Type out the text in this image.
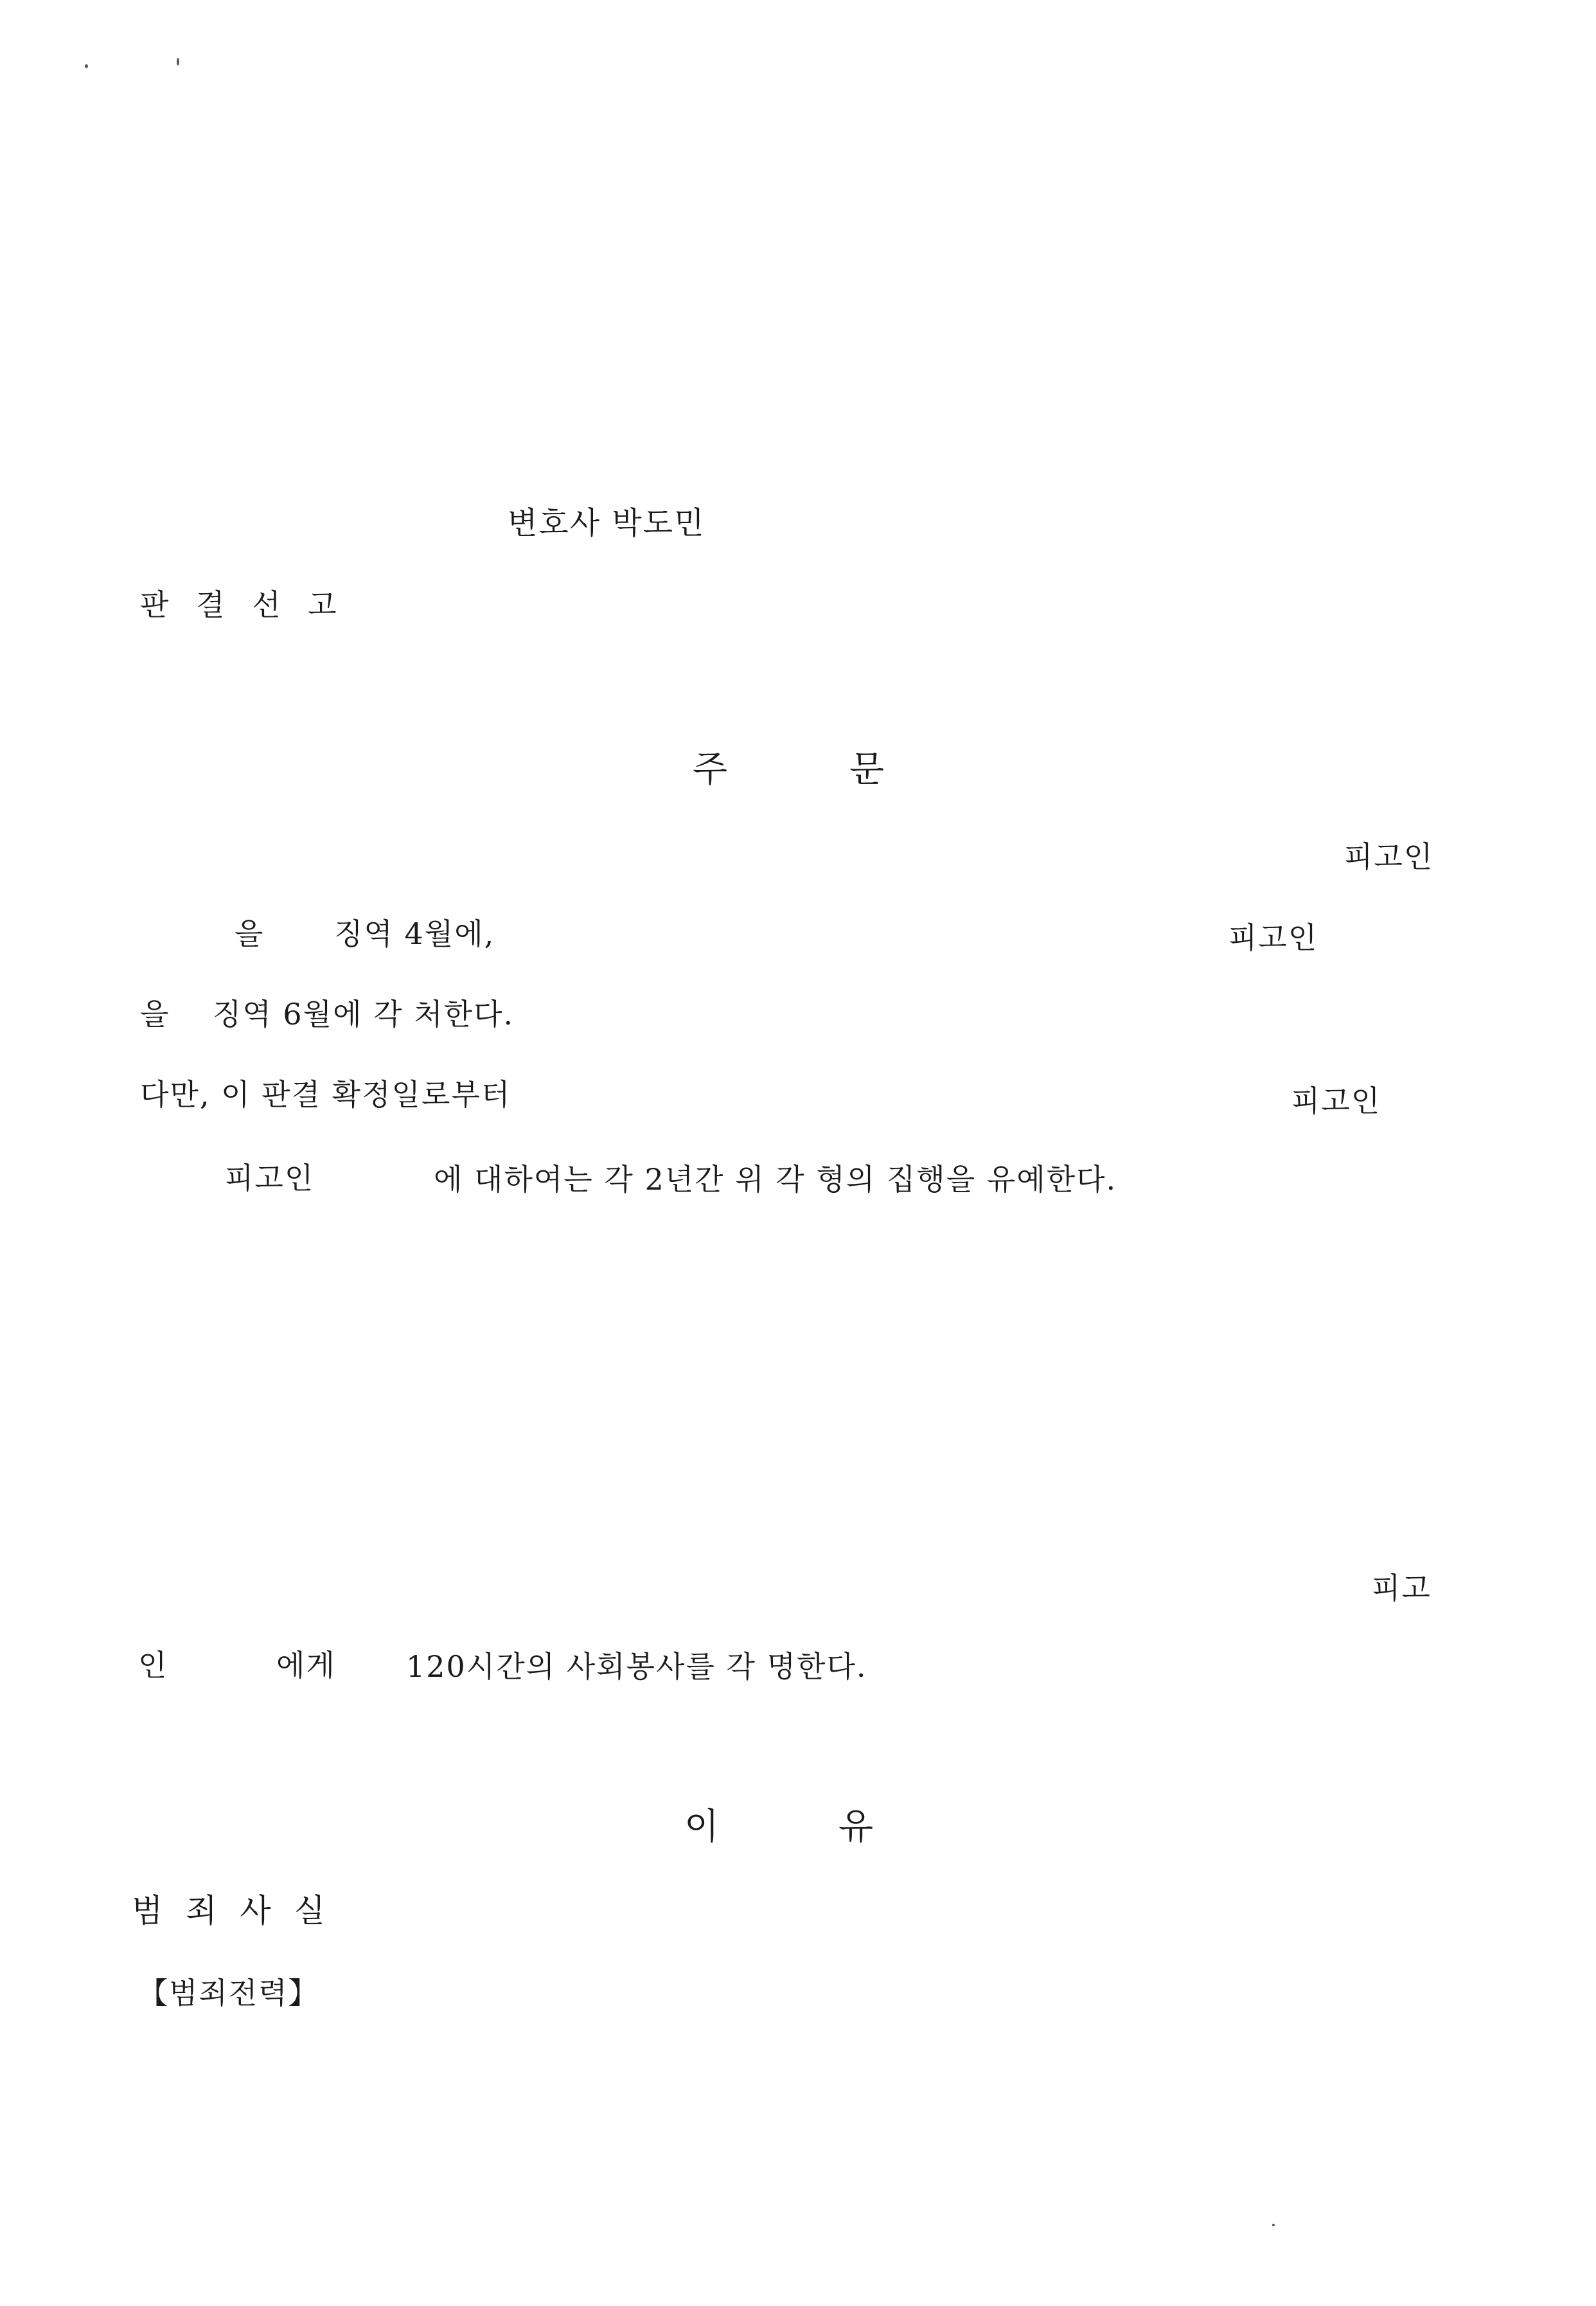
변호사 박도민
판 결 선 고
주	문
피고인
을 징역 4월에,	피고인
을    징역 6월에 각 처한다.
다만, 이 판결 확정일로부터	피고인
피고인	에 대하여는 각 2년간 위 각 형의 집행을 유예한다.
피고
인	에게 120시간의 사회봉사를 각 명한다.
이	유
범 죄 사 실
【범죄전력】
